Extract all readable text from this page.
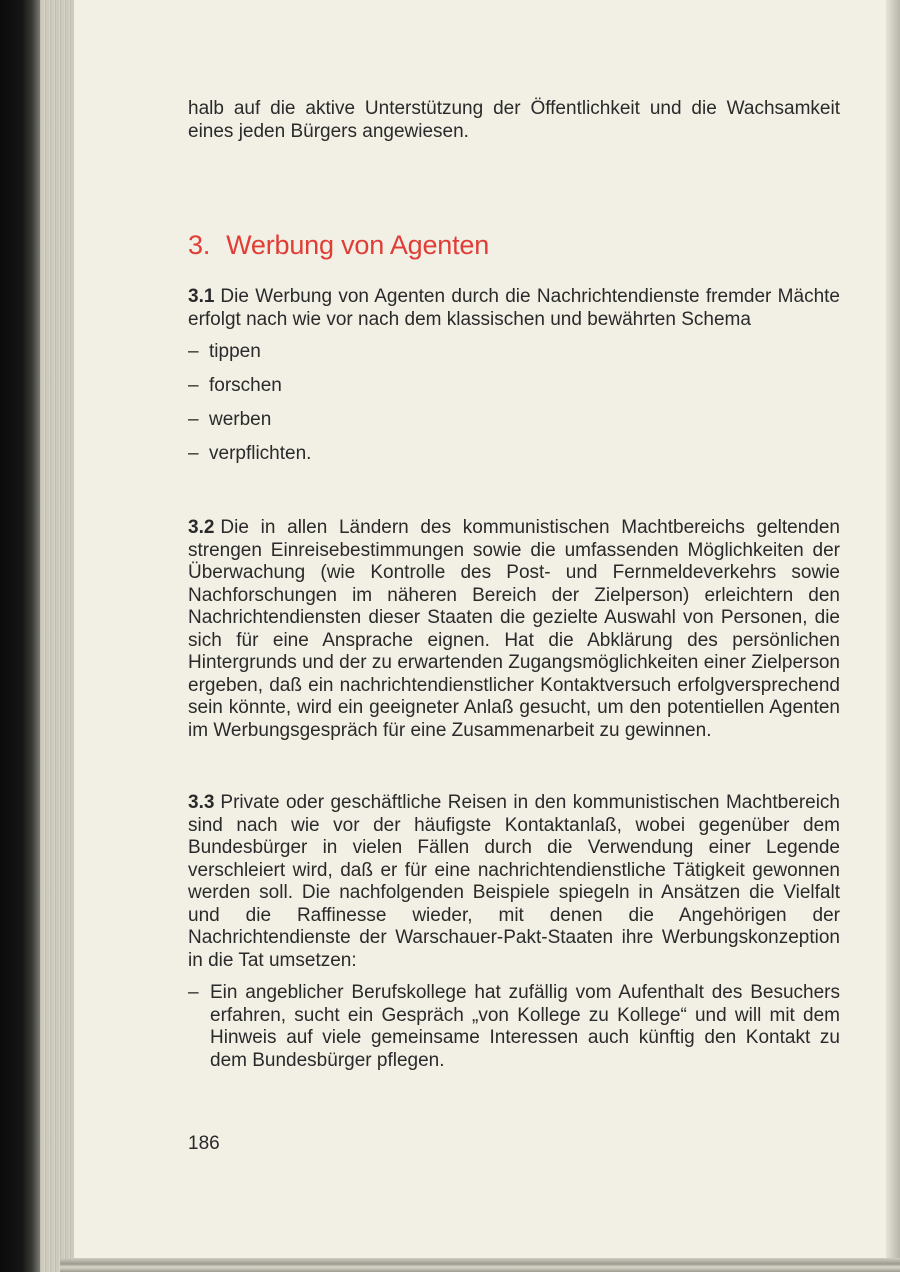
halb auf die aktive Unterstützung der Öffentlichkeit und die Wachsamkeit eines jeden Bürgers angewiesen.

3. Werbung von Agenten

3.1 Die Werbung von Agenten durch die Nachrichtendienste fremder Mächte erfolgt nach wie vor nach dem klassischen und bewährten Schema

– tippen
– forschen
– werben
– verpflichten.

3.2 Die in allen Ländern des kommunistischen Machtbereichs geltenden strengen Einreisebestimmungen sowie die umfassenden Möglichkeiten der Überwachung (wie Kontrolle des Post- und Fernmeldeverkehrs sowie Nachforschungen im näheren Bereich der Zielperson) erleichtern den Nachrichtendiensten dieser Staaten die gezielte Auswahl von Personen, die sich für eine Ansprache eignen. Hat die Abklärung des persönlichen Hintergrunds und der zu erwartenden Zugangsmöglichkeiten einer Zielperson ergeben, daß ein nachrichtendienstlicher Kontaktversuch erfolgversprechend sein könnte, wird ein geeigneter Anlaß gesucht, um den potentiellen Agenten im Werbungsgespräch für eine Zusammenarbeit zu gewinnen.

3.3 Private oder geschäftliche Reisen in den kommunistischen Machtbereich sind nach wie vor der häufigste Kontaktanlaß, wobei gegenüber dem Bundesbürger in vielen Fällen durch die Verwendung einer Legende verschleiert wird, daß er für eine nachrichtendienstliche Tätigkeit gewonnen werden soll. Die nachfolgenden Beispiele spiegeln in Ansätzen die Vielfalt und die Raffinesse wieder, mit denen die Angehörigen der Nachrichtendienste der Warschauer-Pakt-Staaten ihre Werbungskonzeption in die Tat umsetzen:

– Ein angeblicher Berufskollege hat zufällig vom Aufenthalt des Besuchers erfahren, sucht ein Gespräch „von Kollege zu Kollege“ und will mit dem Hinweis auf viele gemeinsame Interessen auch künftig den Kontakt zu dem Bundesbürger pflegen.

186
